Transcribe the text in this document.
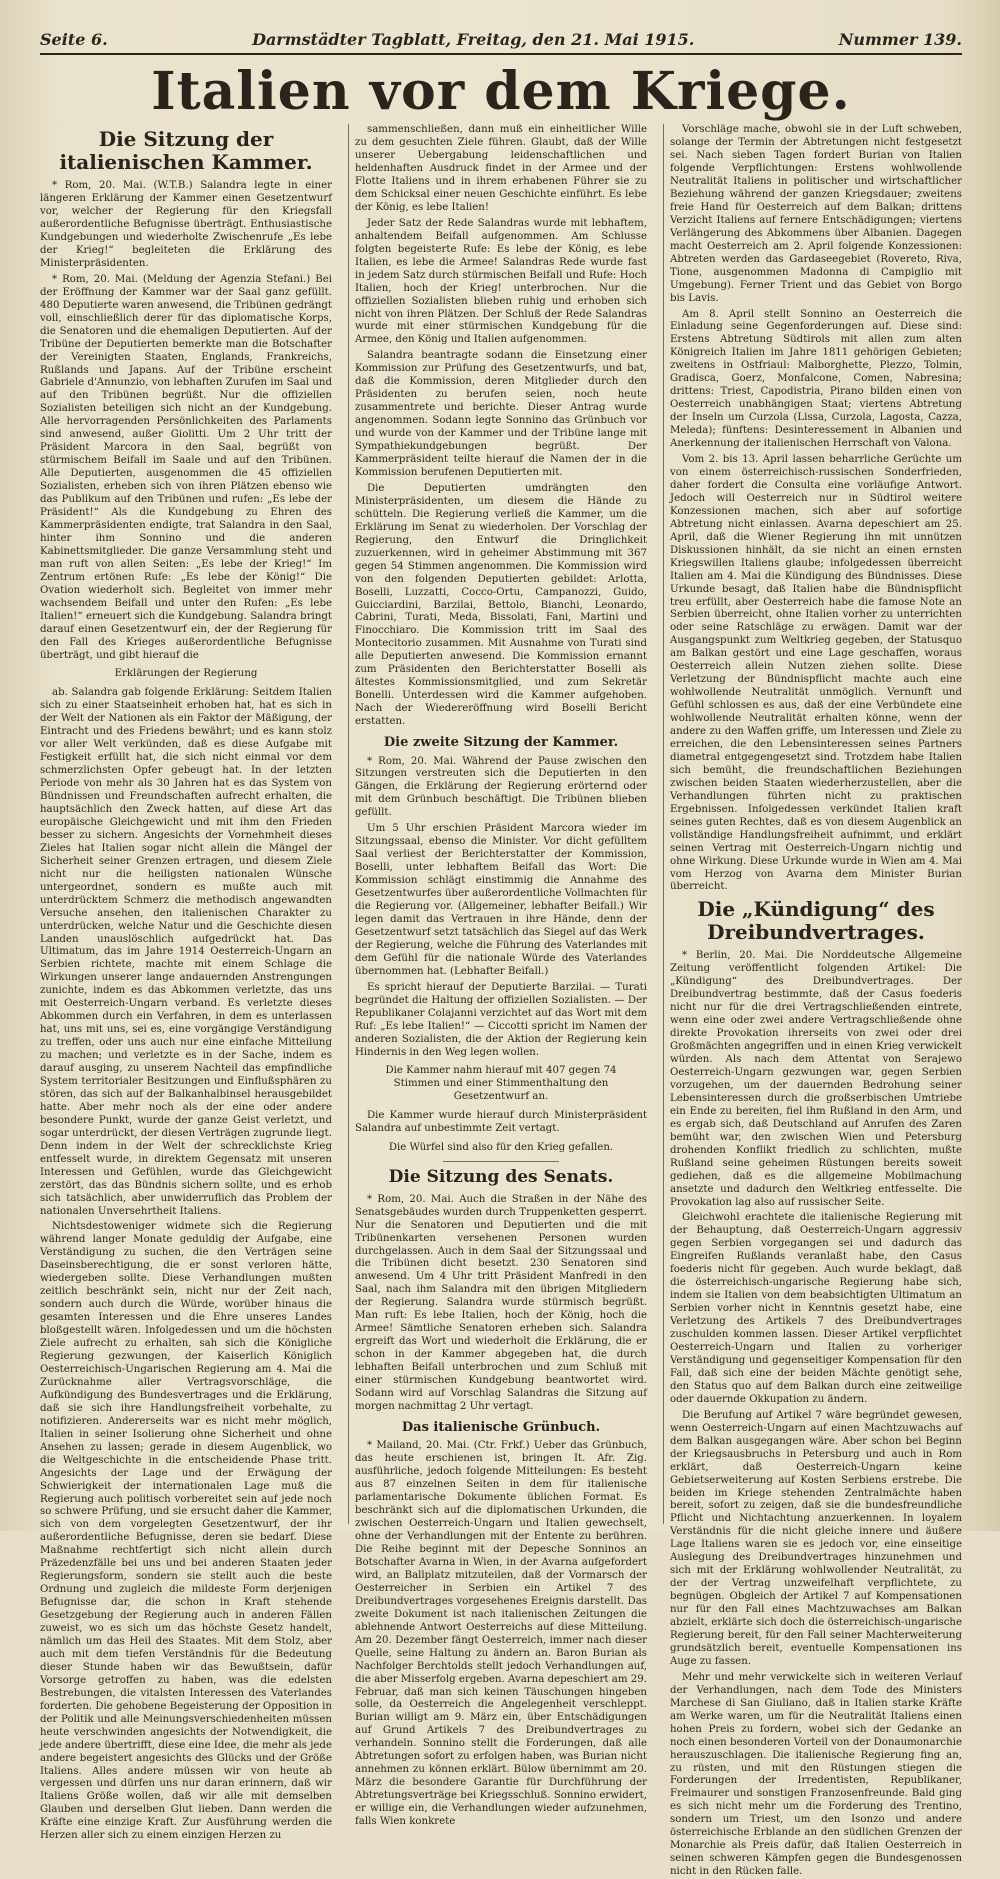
Seite 6.	Darmstädter Tagblatt, Freitag, den 21. Mai 1915.	Nummer 139.
Italien vor dem Kriege.
Die Sitzung der italienischen Kammer.

* Rom, 20. Mai. (W.T.B.) Salandra legte in einer längeren Erklärung der Kammer einen Gesetzentwurf vor, welcher der Regierung für den Kriegsfall außerordentliche Befugnisse überträgt. Enthusiastische Kundgebungen und wiederholte Zwischenrufe „Es lebe der Krieg!“ begleiteten die Erklärung des Ministerpräsidenten.

* Rom, 20. Mai. (Meldung der Agenzia Stefani.) Bei der Eröffnung der Kammer war der Saal ganz gefüllt. 480 Deputierte waren anwesend, die Tribünen gedrängt voll, einschließlich derer für das diplomatische Korps, die Senatoren und die ehemaligen Deputierten. Auf der Tribüne der Deputierten bemerkte man die Botschafter der Vereinigten Staaten, Englands, Frankreichs, Rußlands und Japans. Auf der Tribüne erscheint Gabriele d'Annunzio, von lebhaften Zurufen im Saal und auf den Tribünen begrüßt. Nur die offiziellen Sozialisten beteiligen sich nicht an der Kundgebung. Alle hervorragenden Persönlichkeiten des Parlaments sind anwesend, außer Giolitti. Um 2 Uhr tritt der Präsident Marcora in den Saal, begrüßt von stürmischem Beifall im Saale und auf den Tribünen. Alle Deputierten, ausgenommen die 45 offiziellen Sozialisten, erheben sich von ihren Plätzen ebenso wie das Publikum auf den Tribünen und rufen: „Es lebe der Präsident!“ Als die Kundgebung zu Ehren des Kammerpräsidenten endigte, trat Salandra in den Saal, hinter ihm Sonnino und die anderen Kabinettsmitglieder. Die ganze Versammlung steht und man ruft von allen Seiten: „Es lebe der Krieg!“ Im Zentrum ertönen Rufe: „Es lebe der König!“ Die Ovation wiederholt sich. Begleitet von immer mehr wachsendem Beifall und unter den Rufen: „Es lebe Italien!“ erneuert sich die Kundgebung. Salandra bringt darauf einen Gesetzentwurf ein, der der Regierung für den Fall des Krieges außerordentliche Befugnisse überträgt, und gibt hierauf die

Erklärungen der Regierung

ab. Salandra gab folgende Erklärung: Seitdem Italien sich zu einer Staatseinheit erhoben hat, hat es sich in der Welt der Nationen als ein Faktor der Mäßigung, der Eintracht und des Friedens bewährt; und es kann stolz vor aller Welt verkünden, daß es diese Aufgabe mit Festigkeit erfüllt hat, die sich nicht einmal vor dem schmerzlichsten Opfer gebeugt hat. In der letzten Periode von mehr als 30 Jahren hat es das System von Bündnissen und Freundschaften aufrecht erhalten, die hauptsächlich den Zweck hatten, auf diese Art das europäische Gleichgewicht und mit ihm den Frieden besser zu sichern. Angesichts der Vornehmheit dieses Zieles hat Italien sogar nicht allein die Mängel der Sicherheit seiner Grenzen ertragen, und diesem Ziele nicht nur die heiligsten nationalen Wünsche untergeordnet, sondern es mußte auch mit unterdrücktem Schmerz die methodisch angewandten Versuche ansehen, den italienischen Charakter zu unterdrücken, welche Natur und die Geschichte diesen Landen unauslöschlich aufgedrückt hat. Das Ultimatum, das im Jahre 1914 Oesterreich-Ungarn an Serbien richtete, machte mit einem Schlage die Wirkungen unserer lange andauernden Anstrengungen zunichte, indem es das Abkommen verletzte, das uns mit Oesterreich-Ungarn verband. Es verletzte dieses Abkommen durch ein Verfahren, in dem es unterlassen hat, uns mit uns, sei es, eine vorgängige Verständigung zu treffen, oder uns auch nur eine einfache Mitteilung zu machen; und verletzte es in der Sache, indem es darauf ausging, zu unserem Nachteil das empfindliche System territorialer Besitzungen und Einflußsphären zu stören, das sich auf der Balkanhalbinsel herausgebildet hatte. Aber mehr noch als der eine oder andere besondere Punkt, wurde der ganze Geist verletzt, und sogar unterdrückt, der diesen Verträgen zugrunde liegt. Denn indem in der Welt der schrecklichste Krieg entfesselt wurde, in direktem Gegensatz mit unseren Interessen und Gefühlen, wurde das Gleichgewicht zerstört, das das Bündnis sichern sollte, und es erhob sich tatsächlich, aber unwiderruflich das Problem der nationalen Unversehrtheit Italiens.

Nichtsdestoweniger widmete sich die Regierung während langer Monate geduldig der Aufgabe, eine Verständigung zu suchen, die den Verträgen seine Daseinsberechtigung, die er sonst verloren hätte, wiedergeben sollte. Diese Verhandlungen mußten zeitlich beschränkt sein, nicht nur der Zeit nach, sondern auch durch die Würde, worüber hinaus die gesamten Interessen und die Ehre unseres Landes bloßgestellt wären. Infolgedessen und um die höchsten Ziele aufrecht zu erhalten, sah sich die Königliche Regierung gezwungen, der Kaiserlich Königlich Oesterreichisch-Ungarischen Regierung am 4. Mai die Zurücknahme aller Vertragsvorschläge, die Aufkündigung des Bundesvertrages und die Erklärung, daß sie sich ihre Handlungsfreiheit vorbehalte, zu notifizieren. Andererseits war es nicht mehr möglich, Italien in seiner Isolierung ohne Sicherheit und ohne Ansehen zu lassen; gerade in diesem Augenblick, wo die Weltgeschichte in die entscheidende Phase tritt. Angesichts der Lage und der Erwägung der Schwierigkeit der internationalen Lage muß die Regierung auch politisch vorbereitet sein auf jede noch so schwere Prüfung, und sie ersucht daher die Kammer, sich von dem vorgelegten Gesetzentwurf, der ihr außerordentliche Befugnisse, deren sie bedarf. Diese Maßnahme rechtfertigt sich nicht allein durch Präzedenzfälle bei uns und bei anderen Staaten jeder Regierungsform, sondern sie stellt auch die beste Ordnung und zugleich die mildeste Form derjenigen Befugnisse dar, die schon in Kraft stehende Gesetzgebung der Regierung auch in anderen Fällen zuweist, wo es sich um das höchste Gesetz handelt, nämlich um das Heil des Staates. Mit dem Stolz, aber auch mit dem tiefen Verständnis für die Bedeutung dieser Stunde haben wir das Bewußtsein, dafür Vorsorge getroffen zu haben, was die edelsten Bestrebungen, die vitalsten Interessen des Vaterlandes forderten. Die gehobene Begeisterung der Opposition in der Politik und alle Meinungsverschiedenheiten müssen heute verschwinden angesichts der Notwendigkeit, die jede andere übertrifft, diese eine Idee, die mehr als jede andere begeistert angesichts des Glücks und der Größe Italiens. Alles andere müssen wir von heute ab vergessen und dürfen uns nur daran erinnern, daß wir Italiens Größe wollen, daß wir alle mit demselben Glauben und derselben Glut lieben. Dann werden die Kräfte eine einzige Kraft. Zur Ausführung werden die Herzen aller sich zu einem einzigen Herzen zu

sammenschließen, dann muß ein einheitlicher Wille zu dem gesuchten Ziele führen. Glaubt, daß der Wille unserer Uebergabung leidenschaftlichen und heldenhaften Ausdruck findet in der Armee und der Flotte Italiens und in ihrem erhabenen Führer sie zu dem Schicksal einer neuen Geschichte einführt. Es lebe der König, es lebe Italien!

Jeder Satz der Rede Salandras wurde mit lebhaftem, anhaltendem Beifall aufgenommen. Am Schlusse folgten begeisterte Rufe: Es lebe der König, es lebe Italien, es lebe die Armee! Salandras Rede wurde fast in jedem Satz durch stürmischen Beifall und Rufe: Hoch Italien, hoch der Krieg! unterbrochen. Nur die offiziellen Sozialisten blieben ruhig und erhoben sich nicht von ihren Plätzen. Der Schluß der Rede Salandras wurde mit einer stürmischen Kundgebung für die Armee, den König und Italien aufgenommen.

Salandra beantragte sodann die Einsetzung einer Kommission zur Prüfung des Gesetzentwurfs, und bat, daß die Kommission, deren Mitglieder durch den Präsidenten zu berufen seien, noch heute zusammentrete und berichte. Dieser Antrag wurde angenommen. Sodann legte Sonnino das Grünbuch vor und wurde von der Kammer und der Tribüne lange mit Sympathiekundgebungen begrüßt. Der Kammerpräsident teilte hierauf die Namen der in die Kommission berufenen Deputierten mit.

Die Deputierten umdrängten den Ministerpräsidenten, um diesem die Hände zu schütteln. Die Regierung verließ die Kammer, um die Erklärung im Senat zu wiederholen. Der Vorschlag der Regierung, den Entwurf die Dringlichkeit zuzuerkennen, wird in geheimer Abstimmung mit 367 gegen 54 Stimmen angenommen. Die Kommission wird von den folgenden Deputierten gebildet: Arlotta, Boselli, Luzzatti, Cocco-Ortu, Campanozzi, Guido, Guicciardini, Barzilai, Bettolo, Bianchi, Leonardo, Cabrini, Turati, Meda, Bissolati, Fani, Martini und Finocchiaro. Die Kommission tritt im Saal des Montecitorio zusammen. Mit Ausnahme von Turati sind alle Deputierten anwesend. Die Kommission ernannt zum Präsidenten den Berichterstatter Boselli als ältestes Kommissionsmitglied, und zum Sekretär Bonelli. Unterdessen wird die Kammer aufgehoben. Nach der Wiedereröffnung wird Boselli Bericht erstatten.

Die zweite Sitzung der Kammer.

* Rom, 20. Mai. Während der Pause zwischen den Sitzungen verstreuten sich die Deputierten in den Gängen, die Erklärung der Regierung erörternd oder mit dem Grünbuch beschäftigt. Die Tribünen blieben gefüllt.

Um 5 Uhr erschien Präsident Marcora wieder im Sitzungssaal, ebenso die Minister. Vor dicht gefülltem Saal verliest der Berichterstatter der Kommission, Boselli, unter lebhaftem Beifall das Wort: Die Kommission schlägt einstimmig die Annahme des Gesetzentwurfes über außerordentliche Vollmachten für die Regierung vor. (Allgemeiner, lebhafter Beifall.) Wir legen damit das Vertrauen in ihre Hände, denn der Gesetzentwurf setzt tatsächlich das Siegel auf das Werk der Regierung, welche die Führung des Vaterlandes mit dem Gefühl für die nationale Würde des Vaterlandes übernommen hat. (Lebhafter Beifall.)

Es spricht hierauf der Deputierte Barzilai. — Turati begründet die Haltung der offiziellen Sozialisten. — Der Republikaner Colajanni verzichtet auf das Wort mit dem Ruf: „Es lebe Italien!“ — Ciccotti spricht im Namen der anderen Sozialisten, die der Aktion der Regierung kein Hindernis in den Weg legen wollen.

Die Kammer nahm hierauf mit 407 gegen 74 Stimmen und einer Stimmenthaltung den Gesetzentwurf an.

Die Kammer wurde hierauf durch Ministerpräsident Salandra auf unbestimmte Zeit vertagt.

Die Würfel sind also für den Krieg gefallen.

Die Sitzung des Senats.

* Rom, 20. Mai. Auch die Straßen in der Nähe des Senatsgebäudes wurden durch Truppenketten gesperrt. Nur die Senatoren und Deputierten und die mit Tribünenkarten versehenen Personen wurden durchgelassen. Auch in dem Saal der Sitzungssaal und die Tribünen dicht besetzt. 230 Senatoren sind anwesend. Um 4 Uhr tritt Präsident Manfredi in den Saal, nach ihm Salandra mit den übrigen Mitgliedern der Regierung. Salandra wurde stürmisch begrüßt. Man ruft: Es lebe Italien, hoch der König, hoch die Armee! Sämtliche Senatoren erheben sich. Salandra ergreift das Wort und wiederholt die Erklärung, die er schon in der Kammer abgegeben hat, die durch lebhaften Beifall unterbrochen und zum Schluß mit einer stürmischen Kundgebung beantwortet wird. Sodann wird auf Vorschlag Salandras die Sitzung auf morgen nachmittag 2 Uhr vertagt.

Das italienische Grünbuch.

* Mailand, 20. Mai. (Ctr. Frkf.) Ueber das Grünbuch, das heute erschienen ist, bringen It. Afr. Zig. ausführliche, jedoch folgende Mitteilungen: Es besteht aus 87 einzelnen Seiten in dem für italienische parlamentarische Dokumente üblichen Format. Es beschränkt sich auf die diplomatischen Urkunden, die zwischen Oesterreich-Ungarn und Italien gewechselt, ohne der Verhandlungen mit der Entente zu berühren. Die Reihe beginnt mit der Depesche Sonninos an Botschafter Avarna in Wien, in der Avarna aufgefordert wird, an Ballplatz mitzuteilen, daß der Vormarsch der Oesterreicher in Serbien ein Artikel 7 des Dreibundvertrages vorgesehenes Ereignis darstellt. Das zweite Dokument ist nach italienischen Zeitungen die ablehnende Antwort Oesterreichs auf diese Mitteilung. Am 20. Dezember fängt Oesterreich, immer nach dieser Quelle, seine Haltung zu ändern an. Baron Burian als Nachfolger Berchtolds stellt jedoch Verhandlungen auf, die aber Misserfolg ergeben. Avarna depeschiert am 29. Februar, daß man sich keinen Täuschungen hingeben solle, da Oesterreich die Angelegenheit verschleppt. Burian willigt am 9. März ein, über Entschädigungen auf Grund Artikels 7 des Dreibundvertrages zu verhandeln. Sonnino stellt die Forderungen, daß alle Abtretungen sofort zu erfolgen haben, was Burian nicht annehmen zu können erklärt. Bülow übernimmt am 20. März die besondere Garantie für Durchführung der Abtretungsverträge bei Kriegsschluß. Sonnino erwidert, er willige ein, die Verhandlungen wieder aufzunehmen, falls Wien konkrete

Vorschläge mache, obwohl sie in der Luft schweben, solange der Termin der Abtretungen nicht festgesetzt sei. Nach sieben Tagen fordert Burian von Italien folgende Verpflichtungen: Erstens wohlwollende Neutralität Italiens in politischer und wirtschaftlicher Beziehung während der ganzen Kriegsdauer; zweitens freie Hand für Oesterreich auf dem Balkan; drittens Verzicht Italiens auf fernere Entschädigungen; viertens Verlängerung des Abkommens über Albanien. Dagegen macht Oesterreich am 2. April folgende Konzessionen: Abtreten werden das Gardaseegebiet (Rovereto, Riva, Tione, ausgenommen Madonna di Campiglio mit Umgebung). Ferner Trient und das Gebiet von Borgo bis Lavis.

Am 8. April stellt Sonnino an Oesterreich die Einladung seine Gegenforderungen auf. Diese sind: Erstens Abtretung Südtirols mit allen zum alten Königreich Italien im Jahre 1811 gehörigen Gebieten; zweitens in Ostfriaul: Malborghette, Plezzo, Tolmin, Gradisca, Goerz, Monfalcone, Comen, Nabresina; drittens: Triest, Capodistria, Pirano bilden einen von Oesterreich unabhängigen Staat; viertens Abtretung der Inseln um Curzola (Lissa, Curzola, Lagosta, Cazza, Meleda); fünftens: Desinteressement in Albanien und Anerkennung der italienischen Herrschaft von Valona.

Vom 2. bis 13. April lassen beharrliche Gerüchte um von einem österreichisch-russischen Sonderfrieden, daher fordert die Consulta eine vorläufige Antwort. Jedoch will Oesterreich nur in Südtirol weitere Konzessionen machen, sich aber auf sofortige Abtretung nicht einlassen. Avarna depeschiert am 25. April, daß die Wiener Regierung ihn mit unnützen Diskussionen hinhält, da sie nicht an einen ernsten Kriegswillen Italiens glaube; infolgedessen überreicht Italien am 4. Mai die Kündigung des Bündnisses. Diese Urkunde besagt, daß Italien habe die Bündnispflicht treu erfüllt, aber Oesterreich habe die famose Note an Serbien überreicht, ohne Italien vorher zu unterrichten oder seine Ratschläge zu erwägen. Damit war der Ausgangspunkt zum Weltkrieg gegeben, der Statusquo am Balkan gestört und eine Lage geschaffen, woraus Oesterreich allein Nutzen ziehen sollte. Diese Verletzung der Bündnispflicht machte auch eine wohlwollende Neutralität unmöglich. Vernunft und Gefühl schlossen es aus, daß der eine Verbündete eine wohlwollende Neutralität erhalten könne, wenn der andere zu den Waffen griffe, um Interessen und Ziele zu erreichen, die den Lebensinteressen seines Partners diametral entgegengesetzt sind. Trotzdem habe Italien sich bemüht, die freundschaftlichen Beziehungen zwischen beiden Staaten wiederherzustellen, aber die Verhandlungen führten nicht zu praktischen Ergebnissen. Infolgedessen verkündet Italien kraft seines guten Rechtes, daß es von diesem Augenblick an vollständige Handlungsfreiheit aufnimmt, und erklärt seinen Vertrag mit Oesterreich-Ungarn nichtig und ohne Wirkung. Diese Urkunde wurde in Wien am 4. Mai vom Herzog von Avarna dem Minister Burian überreicht.

Die „Kündigung“ des Dreibundvertrages.

* Berlin, 20. Mai. Die Norddeutsche Allgemeine Zeitung veröffentlicht folgenden Artikel: Die „Kündigung“ des Dreibundvertrages. Der Dreibundvertrag bestimmte, daß der Casus foederis nicht nur für die drei Vertragschließenden eintrete, wenn eine oder zwei andere Vertragschließende ohne direkte Provokation ihrerseits von zwei oder drei Großmächten angegriffen und in einen Krieg verwickelt würden. Als nach dem Attentat von Serajewo Oesterreich-Ungarn gezwungen war, gegen Serbien vorzugehen, um der dauernden Bedrohung seiner Lebensinteressen durch die großserbischen Umtriebe ein Ende zu bereiten, fiel ihm Rußland in den Arm, und es ergab sich, daß Deutschland auf Anrufen des Zaren bemüht war, den zwischen Wien und Petersburg drohenden Konflikt friedlich zu schlichten, mußte Rußland seine geheimen Rüstungen bereits soweit gediehen, daß es die allgemeine Mobilmachung ansetzte und dadurch den Weltkrieg entfesselte. Die Provokation lag also auf russischer Seite.

Gleichwohl erachtete die italienische Regierung mit der Behauptung, daß Oesterreich-Ungarn aggressiv gegen Serbien vorgegangen sei und dadurch das Eingreifen Rußlands veranlaßt habe, den Casus foederis nicht für gegeben. Auch wurde beklagt, daß die österreichisch-ungarische Regierung habe sich, indem sie Italien von dem beabsichtigten Ultimatum an Serbien vorher nicht in Kenntnis gesetzt habe, eine Verletzung des Artikels 7 des Dreibundvertrages zuschulden kommen lassen. Dieser Artikel verpflichtet Oesterreich-Ungarn und Italien zu vorheriger Verständigung und gegenseitiger Kompensation für den Fall, daß sich eine der beiden Mächte genötigt sehe, den Status quo auf dem Balkan durch eine zeitweilige oder dauernde Okkupation zu ändern.

Die Berufung auf Artikel 7 wäre begründet gewesen, wenn Oesterreich-Ungarn auf einen Machtzuwachs auf dem Balkan ausgegangen wäre. Aber schon bei Beginn der Kriegsausbruchs in Petersburg und auch in Rom erklärt, daß Oesterreich-Ungarn keine Gebietserweiterung auf Kosten Serbiens erstrebe. Die beiden im Kriege stehenden Zentralmächte haben bereit, sofort zu zeigen, daß sie die bundesfreundliche Pflicht und Nichtachtung anzuerkennen. In loyalem Verständnis für die nicht gleiche innere und äußere Lage Italiens waren sie es jedoch vor, eine einseitige Auslegung des Dreibundvertrages hinzunehmen und sich mit der Erklärung wohlwollender Neutralität, zu der der Vertrag unzweifelhaft verpflichtete, zu begnügen. Obgleich der Artikel 7 auf Kompensationen nur für den Fall eines Machtzuwachses am Balkan abzielt, erklärte sich doch die österreichisch-ungarische Regierung bereit, für den Fall seiner Machterweiterung grundsätzlich bereit, eventuelle Kompensationen ins Auge zu fassen.

Mehr und mehr verwickelte sich in weiteren Verlauf der Verhandlungen, nach dem Tode des Ministers Marchese di San Giuliano, daß in Italien starke Kräfte am Werke waren, um für die Neutralität Italiens einen hohen Preis zu fordern, wobei sich der Gedanke an noch einen besonderen Vorteil von der Donaumonarchie herauszuschlagen. Die italienische Regierung fing an, zu rüsten, und mit den Rüstungen stiegen die Forderungen der Irredentisten, Republikaner, Freimaurer und sonstigen Franzosenfreunde. Bald ging es sich nicht mehr um die Forderung des Trentino, sondern um Triest, um den Isonzo und andere österreichische Erblande an den südlichen Grenzen der Monarchie als Preis dafür, daß Italien Oesterreich in seinen schweren Kämpfen gegen die Bundesgenossen nicht in den Rücken falle.
